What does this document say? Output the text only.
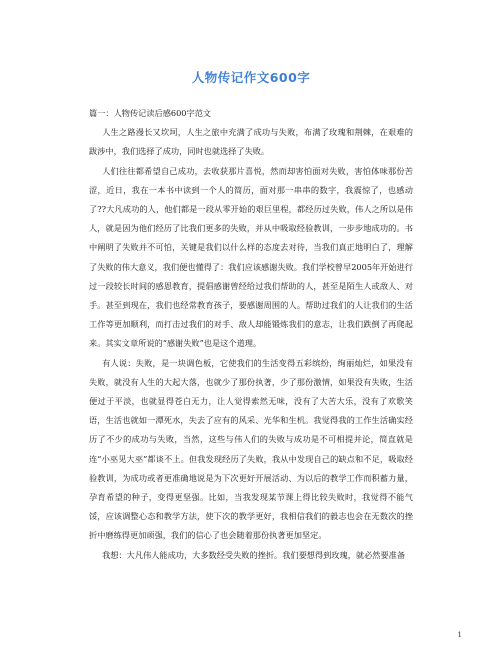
人物传记作文600字

篇一：人物传记读后感600字范文

人生之路漫长又坎坷，人生之旅中充满了成功与失败，布满了玫瑰和荆棘，在艰难的跋涉中，我们选择了成功，同时也就选择了失败。

人们往往都希望自己成功，去收获那片喜悦，然而却害怕面对失败，害怕体味那份苦涩，近日，我在一本书中读到一个人的简历，面对那一串串的数字，我震惊了，也感动了??大凡成功的人，他们都是一段从零开始的艰巨里程，都经历过失败，伟人之所以是伟人，就是因为他们经历了比我们更多的失败，并从中吸取经验教训，一步步地成功的。书中阐明了失败并不可怕，关键是我们以什么样的态度去对待，当我们真正地明白了，理解了失败的伟大意义，我们便也懂得了：我们应该感谢失败。我们学校曾早2005年开始进行过一段较长时间的感恩教育，提倡感谢曾经给过我们帮助的人，甚至是陌生人或敌人、对手。甚至到现在，我们也经常教育孩子，要感谢周围的人。帮助过我们的人让我们的生活工作等更加顺利，而打击过我们的对手、敌人却能锻炼我们的意志，让我们跌倒了再爬起来。其实文章所说的“感谢失败”也是这个道理。

有人说：失败，是一块调色板，它使我们的生活变得五彩缤纷，绚丽灿烂，如果没有失败，就没有人生的大起大落，也就少了那份执著，少了那份激情，如果没有失败，生活便过于平淡，也就显得苍白无力，让人觉得索然无味，没有了大苦大乐，没有了欢歌笑语，生活也就如一潭死水，失去了应有的风采、光华和生机。我觉得我的工作生活确实经历了不少的成功与失败，当然，这些与伟人们的失败与成功是不可相提并论，简直就是连“小巫见大巫”都谈不上。但我发现经历了失败，我从中发现自己的缺点和不足，吸取经验教训，为成功或者更准确地说是为下次更好开展活动、为以后的教学工作而积蓄力量，孕育希望的种子，变得更坚强。比如，当我发现某节课上得比较失败时，我觉得不能气馁，应该调整心态和教学方法，使下次的教学更好，我相信我们的毅志也会在无数次的挫折中磨练得更加顽强，我们的信心了也会随着那份执著更加坚定。

我想：大凡伟人能成功，大多数经受失败的挫折。我们要想得到玫瑰，就必然要准备

1
